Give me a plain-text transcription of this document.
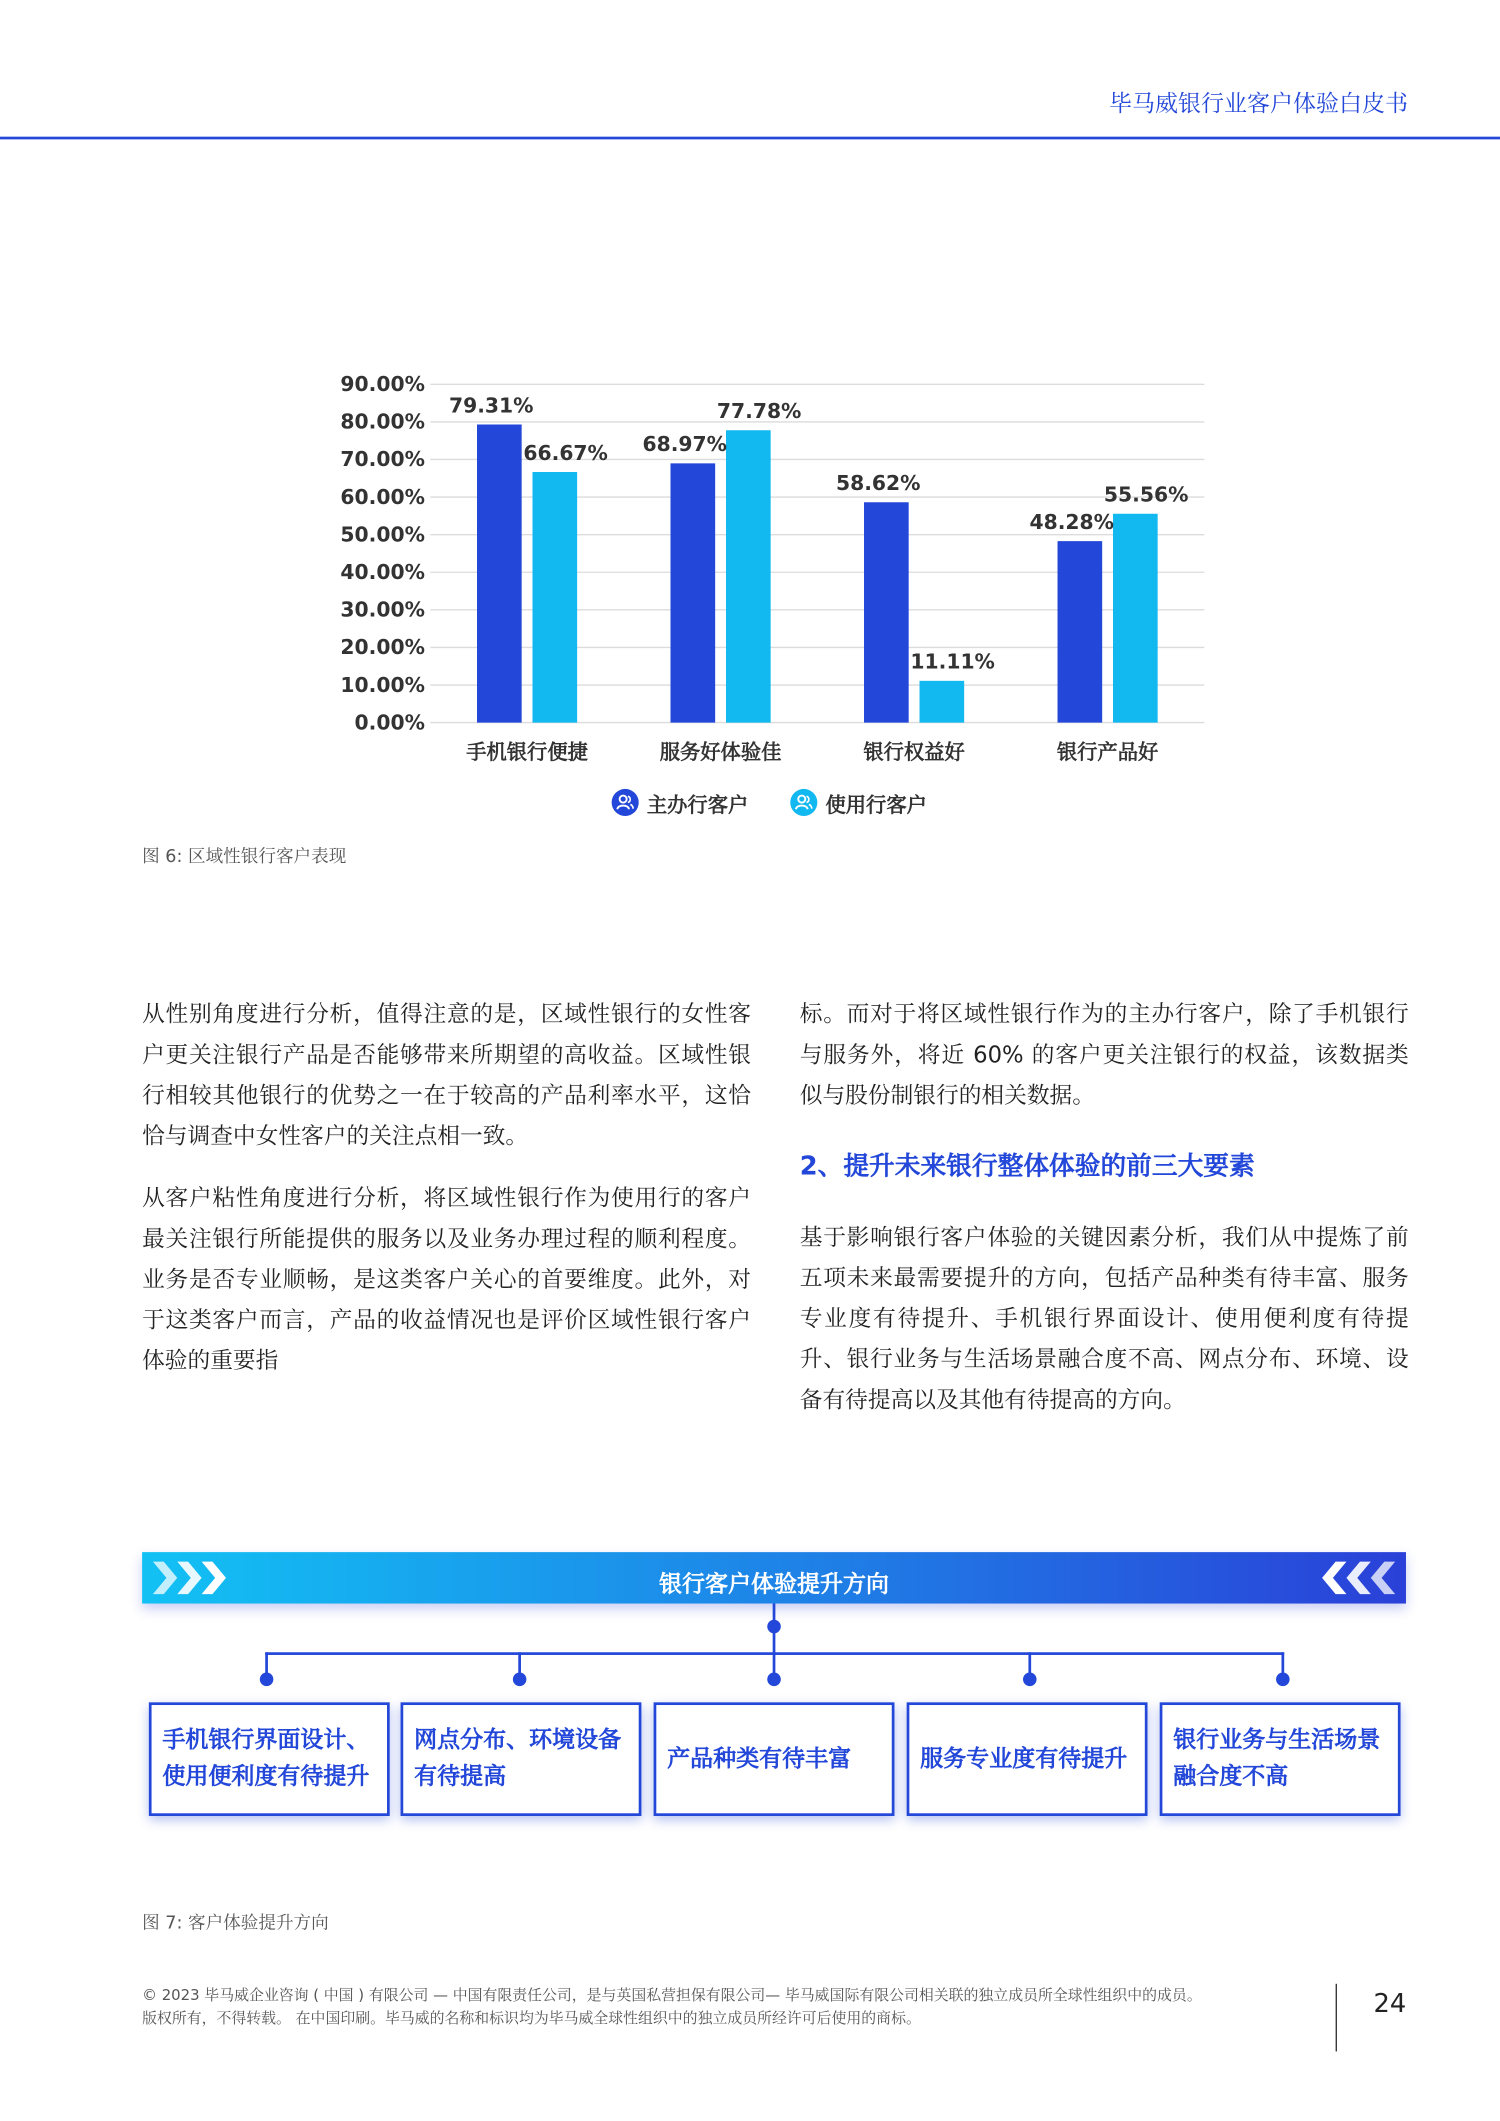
毕马威银行业客户体验白皮书
0.00%
10.00%
20.00%
30.00%
40.00%
50.00%
60.00%
70.00%
80.00%
90.00%
79.31%
66.67% 68.97%
77.78%
58.62%
11.11%
48.28%
55.56%
手机银行便捷	服务好体验佳	银行权益好	银行产品好
主办行客户	使用行客户
图 6: 区域性银行客户表现

从性别角度进行分析，值得注意的是，区域性银行的女性客户更关注银行产品是否能够带来所期望的高收益。区域性银行相较其他银行的优势之一在于较高的产品利率水平，这恰恰与调查中女性客户的关注点相一致。

从客户粘性角度进行分析，将区域性银行作为使用行的客户最关注银行所能提供的服务以及业务办理过程的顺利程度。业务是否专业顺畅，是这类客户关心的首要维度。此外，对于这类客户而言，产品的收益情况也是评价区域性银行客户体验的重要指

标。而对于将区域性银行作为的主办行客户，除了手机银行与服务外，将近 60% 的客户更关注银行的权益，该数据类似与股份制银行的相关数据。
2、提升未来银行整体体验的前三大要素
基于影响银行客户体验的关键因素分析，我们从中提炼了前五项未来最需要提升的方向，包括产品种类有待丰富、服务专业度有待提升、手机银行界面设计、使用便利度有待提升、银行业务与生活场景融合度不高、网点分布、环境、设备有待提高以及其他有待提高的方向。
银行客户体验提升方向
手机银行界面设计、使用便利度有待提升
网点分布、环境设备有待提高
产品种类有待丰富	服务专业度有待提升
银行业务与生活场景融合度不高
图 7: 客户体验提升方向
© 2023 毕马威企业咨询 ( 中国 ) 有限公司 — 中国有限责任公司，是与英国私营担保有限公司— 毕马威国际有限公司相关联的独立成员所全球性组织中的成员。
版权所有，不得转载。 在中国印刷。毕马威的名称和标识均为毕马威全球性组织中的独立成员所经许可后使用的商标。	24
